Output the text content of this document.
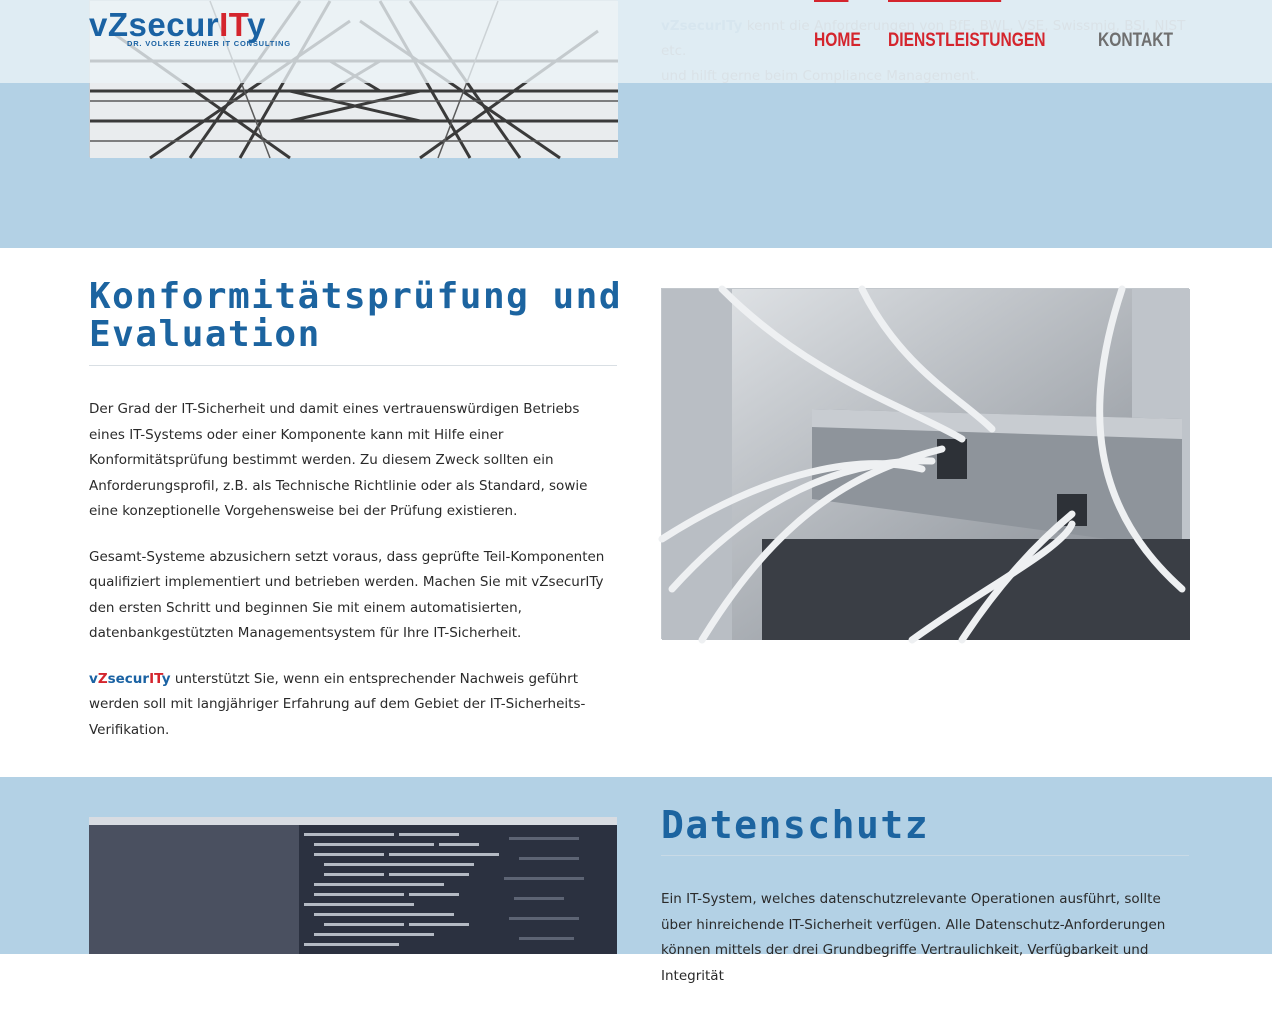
vZsecurITy
DR. VOLKER ZEUNER IT CONSULTING	HOME DIENSTLEISTUNGEN	KONTAKT
Konformitätsprüfung und Evaluation

Der Grad der IT-Sicherheit und damit eines vertrauenswürdigen Betriebs eines IT-Systems oder einer Komponente kann mit Hilfe einer Konformitätsprüfung bestimmt werden. Zu diesem Zweck sollten ein Anforderungsprofil, z.B. als Technische Richtlinie oder als Standard, sowie eine konzeptionelle Vorgehensweise bei der Prüfung existieren.

Gesamt-Systeme abzusichern setzt voraus, dass geprüfte Teil-Komponenten qualifiziert implementiert und betrieben werden. Machen Sie mit vZsecurITy den ersten Schritt und beginnen Sie mit einem automatisierten, datenbankgestützten Managementsystem für Ihre IT-Sicherheit.

vZsecurITy unterstützt Sie, wenn ein entsprechender Nachweis geführt werden soll mit langjähriger Erfahrung auf dem Gebiet der IT-Sicherheits-Verifikation.

Datenschutz

Ein IT-System, welches datenschutzrelevante Operationen ausführt, sollte über hinreichende IT-Sicherheit verfügen. Alle Datenschutz-Anforderungen können mittels der drei Grundbegriffe Vertraulichkeit, Verfügbarkeit und Integrität
